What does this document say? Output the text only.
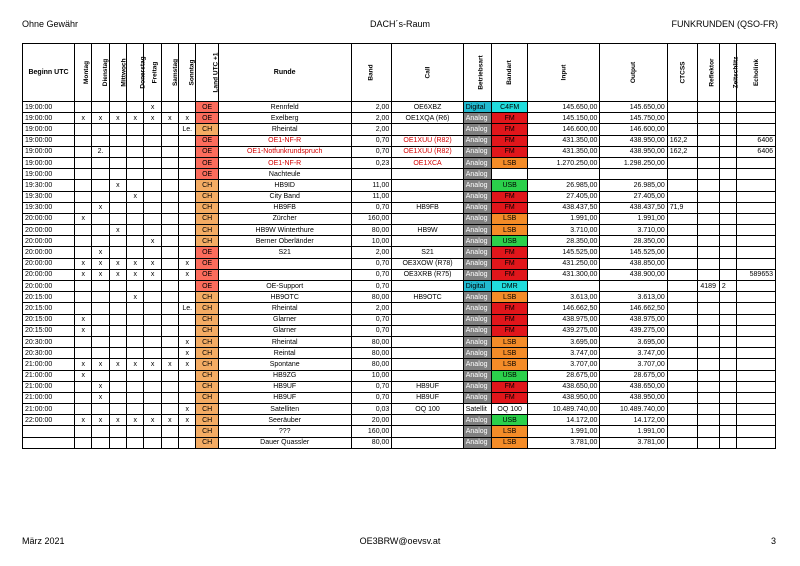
Ohne Gewähr	DACH´s-Raum	FUNKRUNDEN (QSO-FR)
Beginn UTC	Montag	Dienstag	Mittwoch	Donerstag	Freitag	Samstag	Sonntag	Land UTC +1	Runde	Band	Call	Betriebsart	Bandart	Input	Output	CTCSS	Reflektor	Zeitschlitz	Echolink
19:00:00					x			OE	Rennfeld	2,00	OE6XBZ	Digital	C4FM	145.650,00	145.650,00				
19:00:00	x	x	x	x	x	x	x	OE	Exelberg	2,00	OE1XQA (R6)	Analog	FM	145.150,00	145.750,00				
19:00:00							Le.	CH	Rheintal	2,00		Analog	FM	146.600,00	146.600,00				
19:00:00								OE	OE1-NF-R	0,70	OE1XUU (R82)	Analog	FM	431.350,00	438.950,00	162,2			6406
19:00:00		2.						OE	OE1-Notfunkrundspruch	0,70	OE1XUU (R82)	Analog	FM	431.350,00	438.950,00	162,2			6406
19:00:00								OE	OE1-NF-R	0,23	OE1XCA	Analog	LSB	1.270.250,00	1.298.250,00				
19:00:00								OE	Nachteule			Analog							
19:30:00			x					CH	HB9ID	11,00		Analog	USB	26.985,00	26.985,00				
19:30:00				x				CH	City Band	11,00		Analog	FM	27.405,00	27.405,00				
19:30:00		x						CH	HB9FB	0,70	HB9FB	Analog	FM	438.437,50	438.437,50	71,9			
20:00:00	x							CH	Zürcher	160,00		Analog	LSB	1.991,00	1.991,00				
20:00:00			x					CH	HB9W Winterthure	80,00	HB9W	Analog	LSB	3.710,00	3.710,00				
20:00:00					x			CH	Berner Oberländer	10,00		Analog	USB	28.350,00	28.350,00				
20:00:00		x						OE	S21	2,00	S21	Analog	FM	145.525,00	145.525,00				
20:00:00	x	x	x	x	x		x	OE		0,70	OE3XOW (R78)	Analog	FM	431.250,00	438.850,00				
20:00:00	x	x	x	x	x		x	OE		0,70	OE3XRB (R75)	Analog	FM	431.300,00	438.900,00				589653
20:00:00								OE	OE-Support	0,70		Digital	DMR				4189	2	
20:15:00				x				CH	HB9OTC	80,00	HB9OTC	Analog	LSB	3.613,00	3.613,00				
20:15:00							Le.	CH	Rheintal	2,00		Analog	FM	146.662,50	146.662,50				
20:15:00	x							CH	Glarner	0,70		Analog	FM	438.975,00	438.975,00				
20:15:00	x							CH	Glarner	0,70		Analog	FM	439.275,00	439.275,00				
20:30:00							x	CH	Rheintal	80,00		Analog	LSB	3.695,00	3.695,00				
20:30:00							x	CH	Reintal	80,00		Analog	LSB	3.747,00	3.747,00				
21:00:00	x	x	x	x	x	x	x	CH	Spontane	80,00		Analog	LSB	3.707,00	3.707,00				
21:00:00	x							CH	HB9ZG	10,00		Analog	USB	28.675,00	28.675,00				
21:00:00		x						CH	HB9UF	0,70	HB9UF	Analog	FM	438.650,00	438.650,00				
21:00:00		x						CH	HB9UF	0,70	HB9UF	Analog	FM	438.950,00	438.950,00				
21:00:00							x	CH	Satelliten	0,03	OQ 100	Satellit	OQ 100	10.489.740,00	10.489.740,00				
22:00:00	x	x	x	x	x	x	x	CH	Seeräuber	20,00		Analog	USB	14.172,00	14.172,00				
								CH	???	160,00		Analog	LSB	1.991,00	1.991,00				
								CH	Dauer Quassler	80,00		Analog	LSB	3.781,00	3.781,00				
März 2021	OE3BRW@oevsv.at	3
